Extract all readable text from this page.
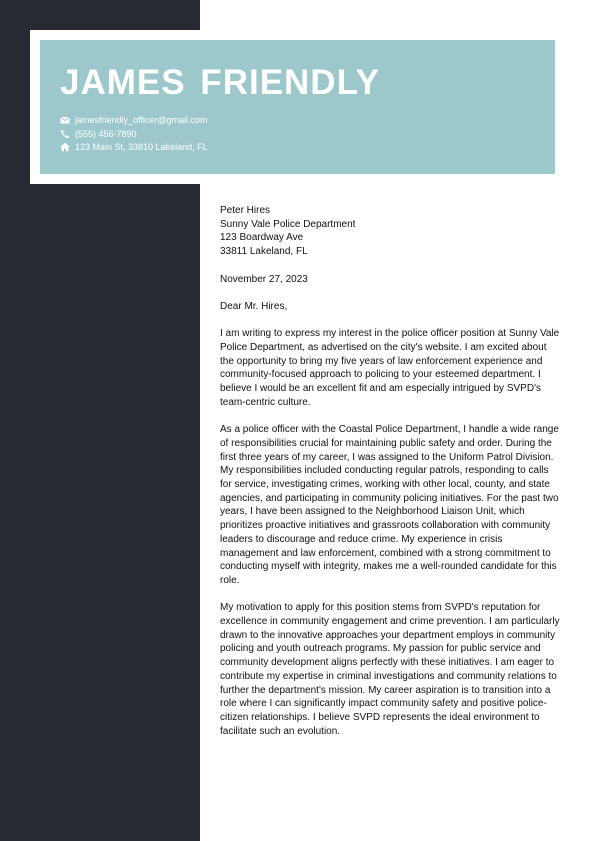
JAMES FRIENDLY
jamesfriendly_officer@gmail.com
(555) 456-7890
123 Main St, 33810 Lakeland, FL

Peter Hires
Sunny Vale Police Department
123 Boardway Ave
33811 Lakeland, FL

November 27, 2023

Dear Mr. Hires,

I am writing to express my interest in the police officer position at Sunny Vale Police Department, as advertised on the city's website. I am excited about the opportunity to bring my five years of law enforcement experience and community-focused approach to policing to your esteemed department. I believe I would be an excellent fit and am especially intrigued by SVPD's team-centric culture.

As a police officer with the Coastal Police Department, I handle a wide range of responsibilities crucial for maintaining public safety and order. During the first three years of my career, I was assigned to the Uniform Patrol Division. My responsibilities included conducting regular patrols, responding to calls for service, investigating crimes, working with other local, county, and state agencies, and participating in community policing initiatives. For the past two years, I have been assigned to the Neighborhood Liaison Unit, which prioritizes proactive initiatives and grassroots collaboration with community leaders to discourage and reduce crime. My experience in crisis management and law enforcement, combined with a strong commitment to conducting myself with integrity, makes me a well-rounded candidate for this role.

My motivation to apply for this position stems from SVPD's reputation for excellence in community engagement and crime prevention. I am particularly drawn to the innovative approaches your department employs in community policing and youth outreach programs. My passion for public service and community development aligns perfectly with these initiatives. I am eager to contribute my expertise in criminal investigations and community relations to further the department's mission. My career aspiration is to transition into a role where I can significantly impact community safety and positive police-citizen relationships. I believe SVPD represents the ideal environment to facilitate such an evolution.
